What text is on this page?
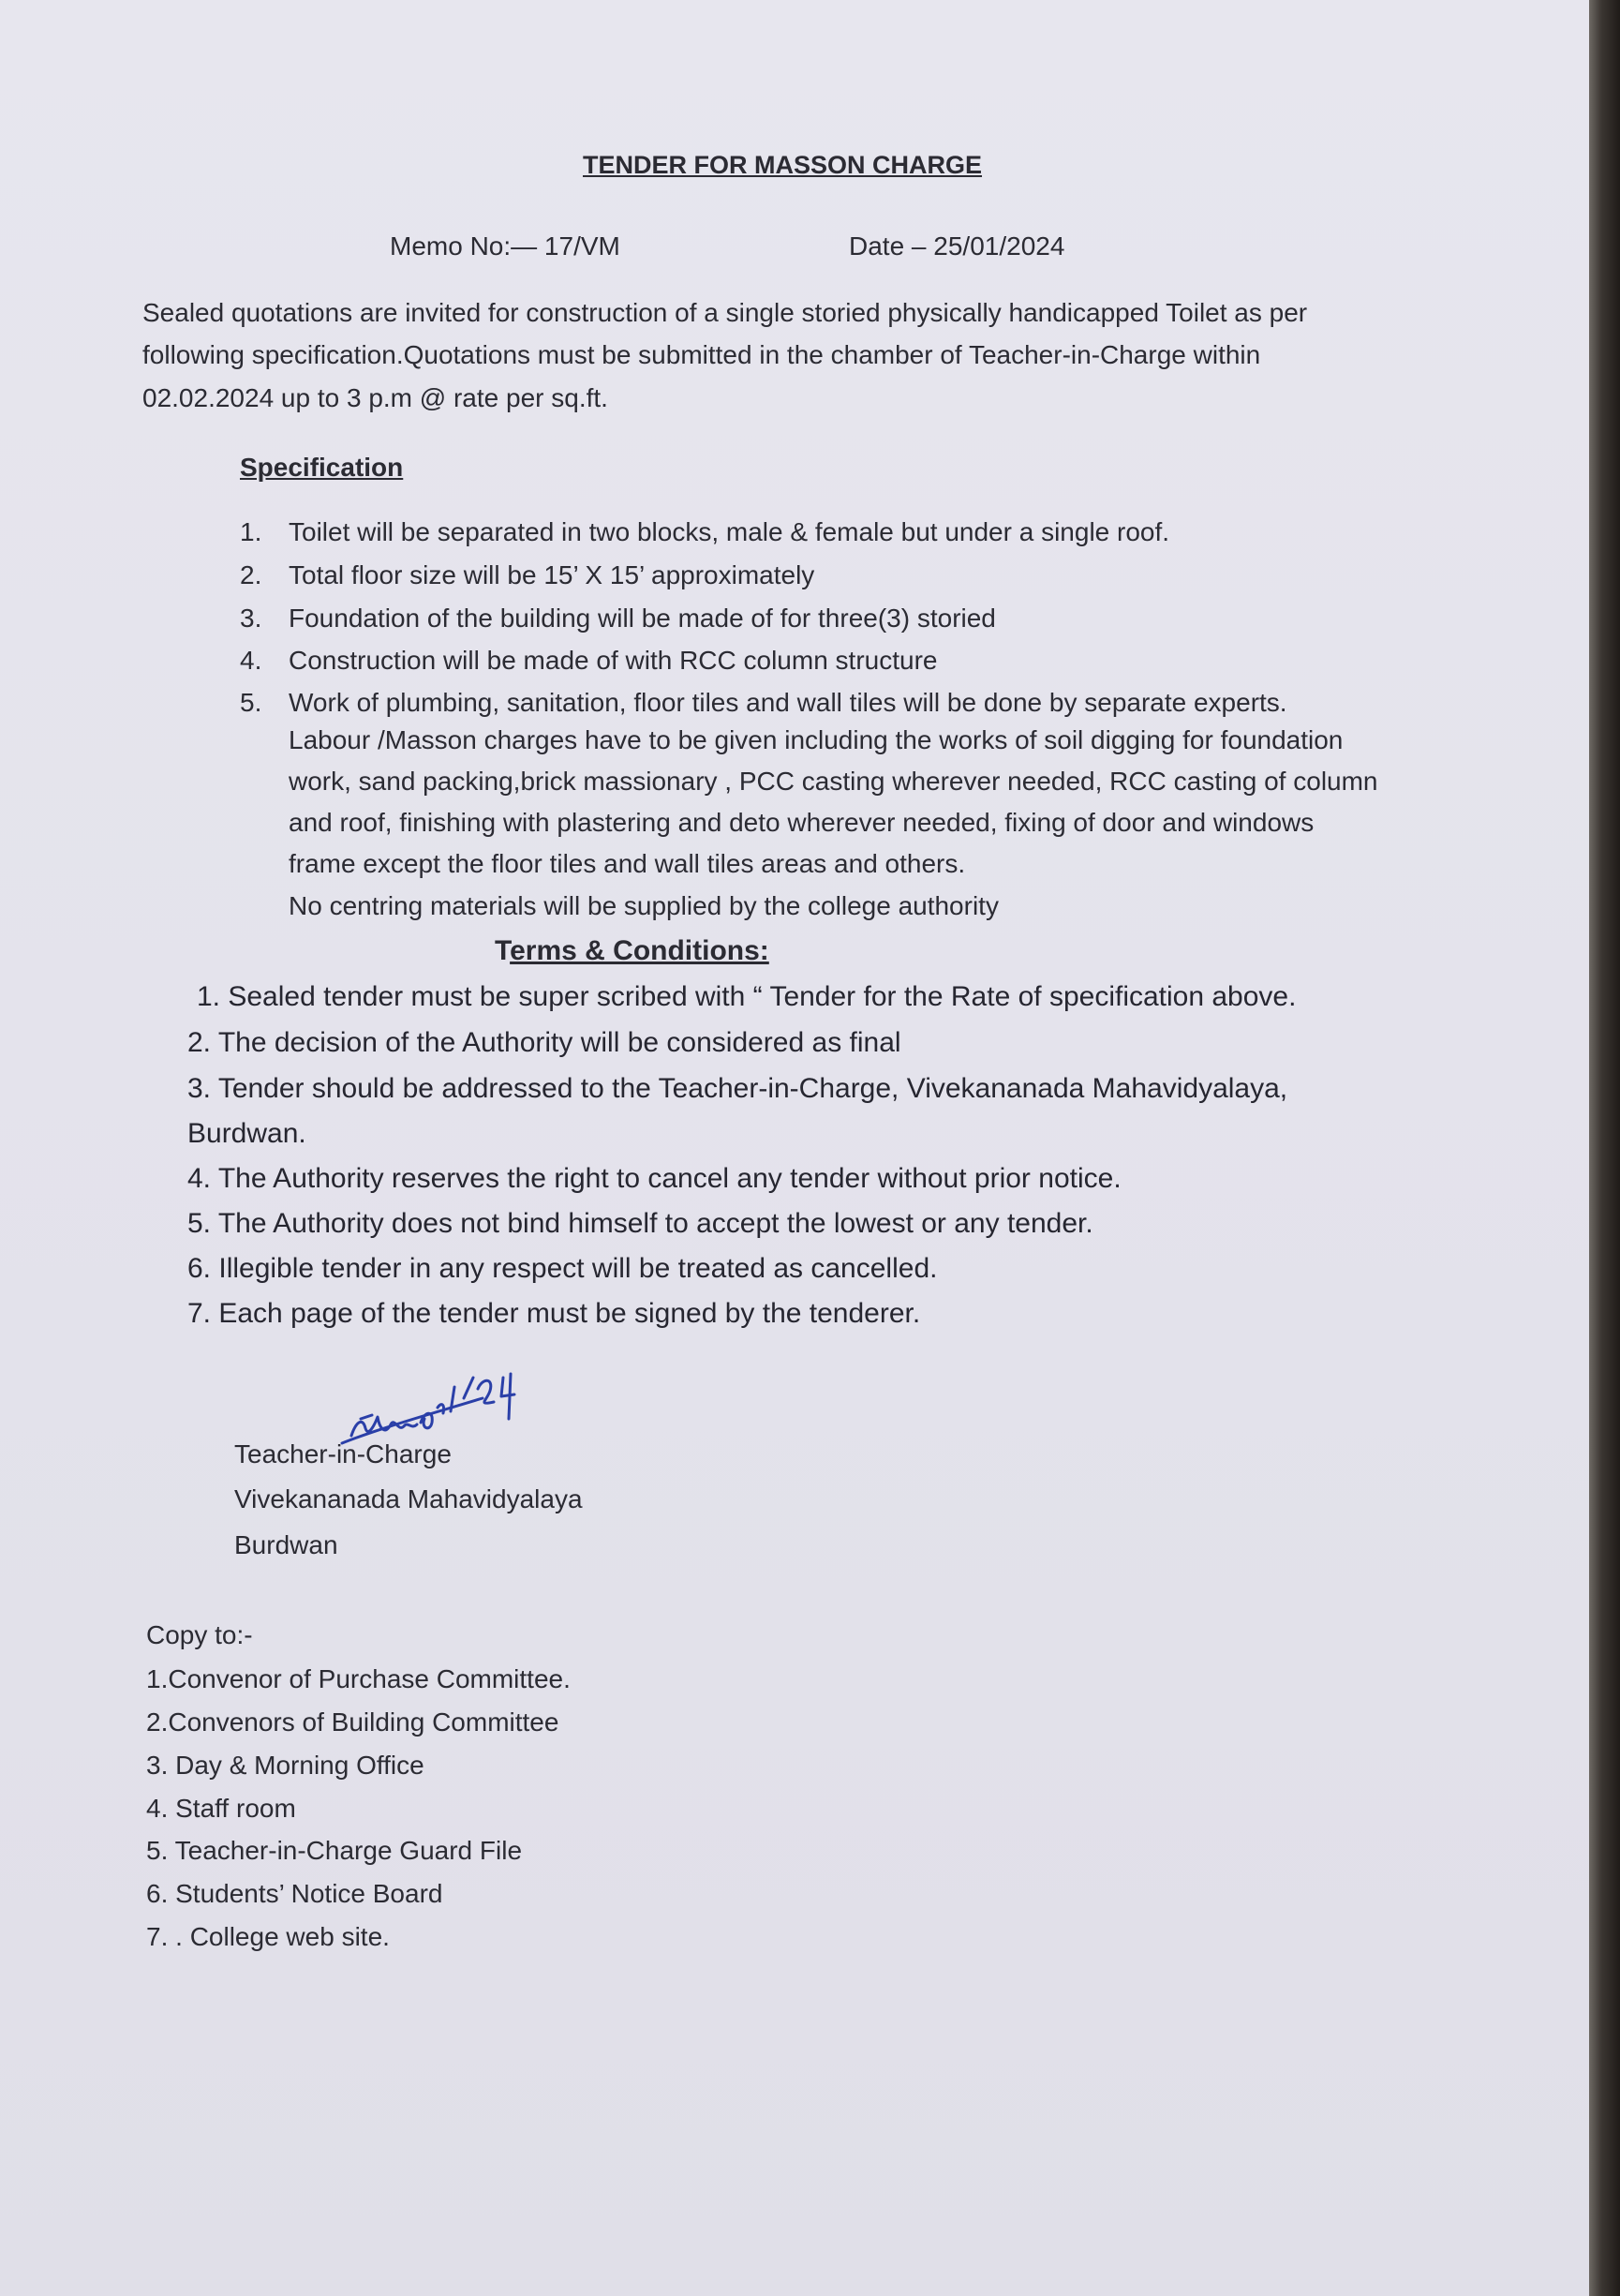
TENDER FOR MASSON CHARGE
Memo No:— 17/VM	Date – 25/01/2024
Sealed quotations are invited for construction of a single storied physically handicapped Toilet as per
following specification.Quotations must be submitted in the chamber of Teacher-in-Charge within
02.02.2024 up to 3 p.m @ rate per sq.ft.
Specification
1. Toilet will be separated in two blocks, male & female but under a single roof.
2. Total floor size will be 15’ X 15’ approximately
3. Foundation of the building will be made of for three(3) storied
4. Construction will be made of with RCC column structure
5. Work of plumbing, sanitation, floor tiles and wall tiles will be done by separate experts.
Labour /Masson charges have to be given including the works of soil digging for foundation
work, sand packing,brick massionary , PCC casting wherever needed, RCC casting of column
and roof, finishing with plastering and deto wherever needed, fixing of door and windows
frame except the floor tiles and wall tiles areas and others.
No centring materials will be supplied by the college authority
Terms & Conditions:
1. Sealed tender must be super scribed with “ Tender for the Rate of specification above.
2. The decision of the Authority will be considered as final
3. Tender should be addressed to the Teacher-in-Charge, Vivekananada Mahavidyalaya,
Burdwan.
4. The Authority reserves the right to cancel any tender without prior notice.
5. The Authority does not bind himself to accept the lowest or any tender.
6. Illegible tender in any respect will be treated as cancelled.
7. Each page of the tender must be signed by the tenderer.
Teacher-in-Charge
Vivekananada Mahavidyalaya
Burdwan
Copy to:-
1.Convenor of Purchase Committee.
2.Convenors of Building Committee
3. Day & Morning Office
4. Staff room
5. Teacher-in-Charge Guard File
6. Students’ Notice Board
7. . College web site.
